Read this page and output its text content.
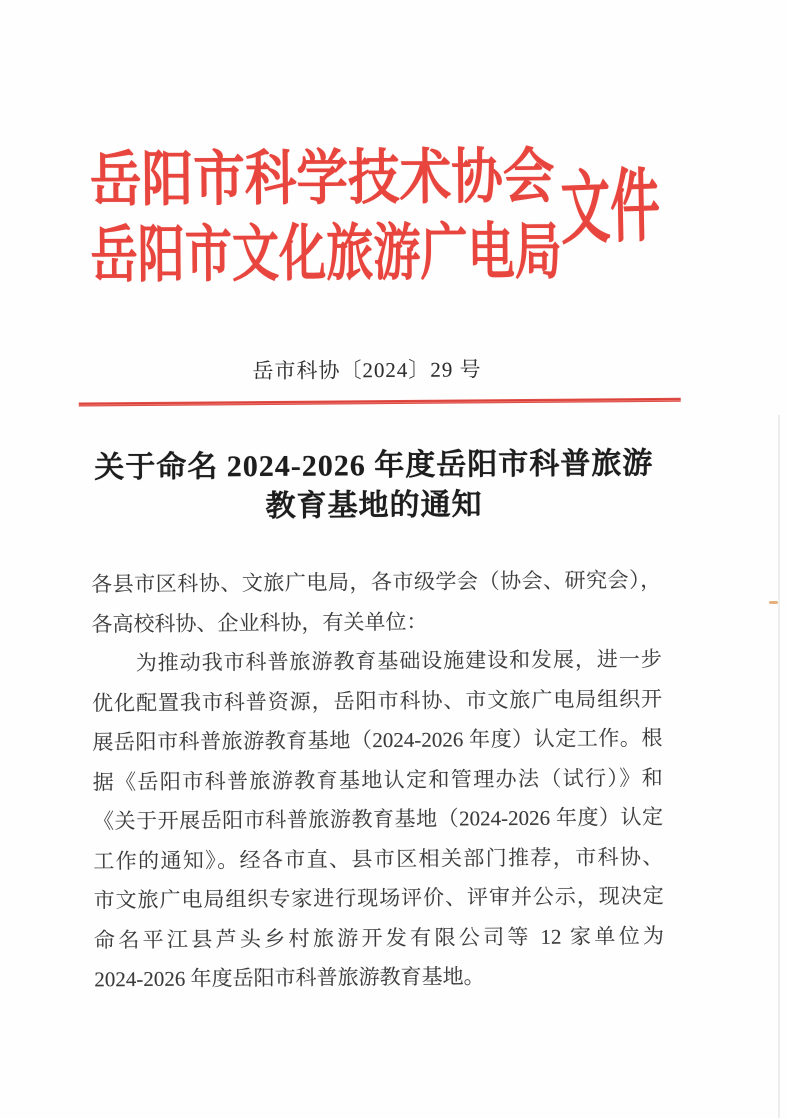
岳阳市科学技术协会
岳阳市文化旅游广电局
文件
岳市科协〔2024〕29 号
关于命名 2024-2026 年度岳阳市科普旅游
教育基地的通知
各县市区科协、文旅广电局，各市级学会（协会、研究会），
各高校科协、企业科协，有关单位：
为推动我市科普旅游教育基础设施建设和发展，进一步
优化配置我市科普资源，岳阳市科协、市文旅广电局组织开
展岳阳市科普旅游教育基地（2024-2026 年度）认定工作。根
据《岳阳市科普旅游教育基地认定和管理办法（试行）》和
《关于开展岳阳市科普旅游教育基地（2024-2026 年度）认定
工作的通知》。经各市直、县市区相关部门推荐，市科协、
市文旅广电局组织专家进行现场评价、评审并公示，现决定
命名平江县芦头乡村旅游开发有限公司等 12 家单位为
2024-2026 年度岳阳市科普旅游教育基地。
